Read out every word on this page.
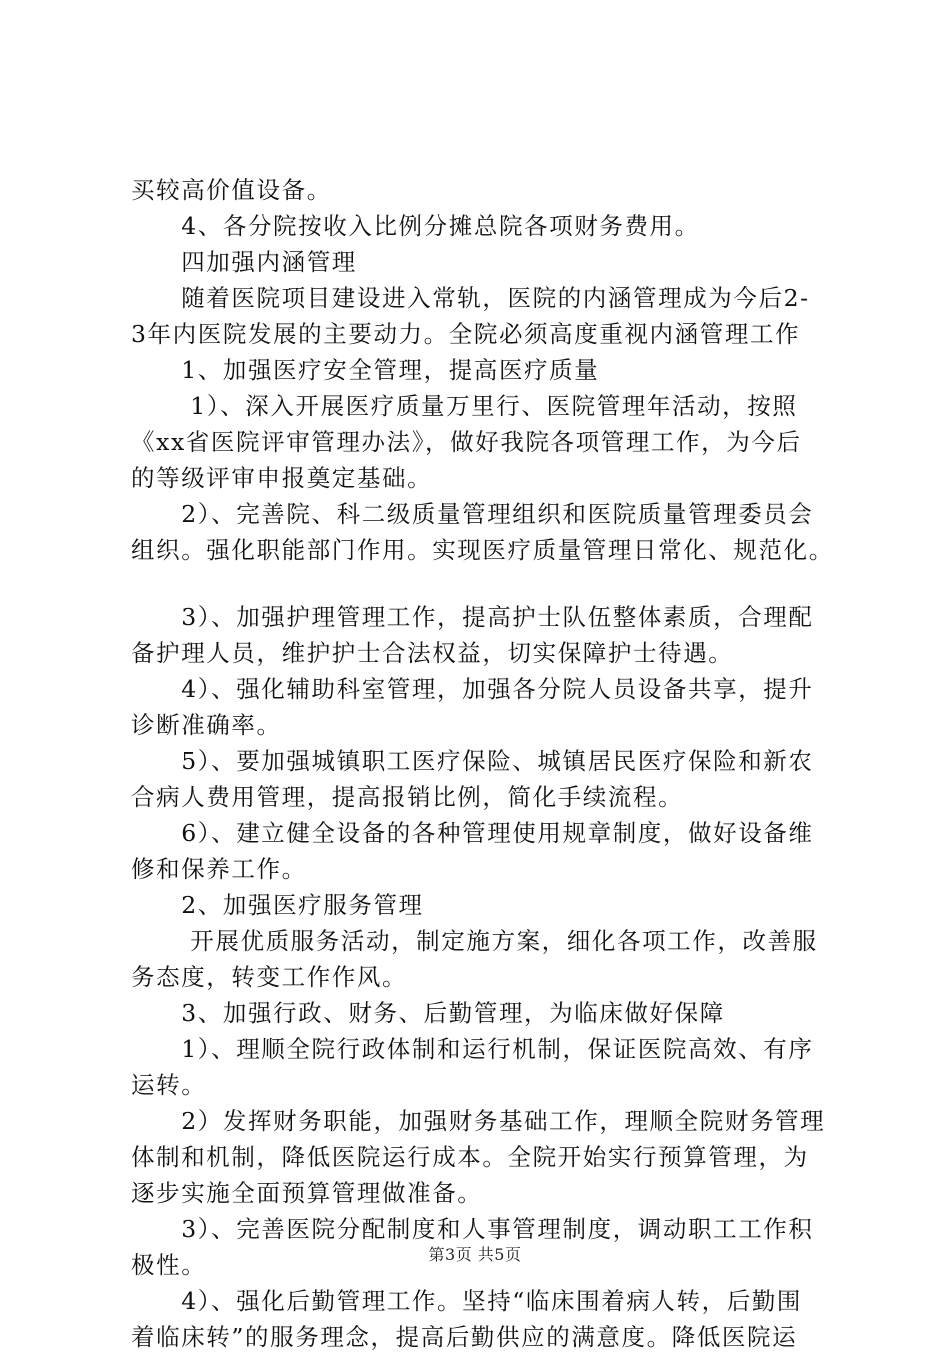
买较高价值设备。
　　4、各分院按收入比例分摊总院各项财务费用。
　　四加强内涵管理
　　随着医院项目建设进入常轨，医院的内涵管理成为今后2-
3年内医院发展的主要动力。全院必须高度重视内涵管理工作
　　1、加强医疗安全管理，提高医疗质量
　　 1）、深入开展医疗质量万里行、医院管理年活动，按照
《xx省医院评审管理办法》，做好我院各项管理工作，为今后
的等级评审申报奠定基础。
　　2）、完善院、科二级质量管理组织和医院质量管理委员会
组织。强化职能部门作用。实现医疗质量管理日常化、规范化。
　　3）、加强护理管理工作，提高护士队伍整体素质，合理配
备护理人员，维护护士合法权益，切实保障护士待遇。
　　4）、强化辅助科室管理，加强各分院人员设备共享，提升
诊断准确率。
　　5）、要加强城镇职工医疗保险、城镇居民医疗保险和新农
合病人费用管理，提高报销比例，简化手续流程。
　　6）、建立健全设备的各种管理使用规章制度，做好设备维
修和保养工作。
　　2、加强医疗服务管理
　　 开展优质服务活动，制定施方案，细化各项工作，改善服
务态度，转变工作作风。
　　3、加强行政、财务、后勤管理，为临床做好保障
　　1）、理顺全院行政体制和运行机制，保证医院高效、有序
运转。
　　2）发挥财务职能，加强财务基础工作，理顺全院财务管理
体制和机制，降低医院运行成本。全院开始实行预算管理，为
逐步实施全面预算管理做准备。
　　3）、完善医院分配制度和人事管理制度，调动职工工作积
极性。
　　4）、强化后勤管理工作。坚持“临床围着病人转，后勤围
着临床转”的服务理念，提高后勤供应的满意度。降低医院运
第3页 共5页
